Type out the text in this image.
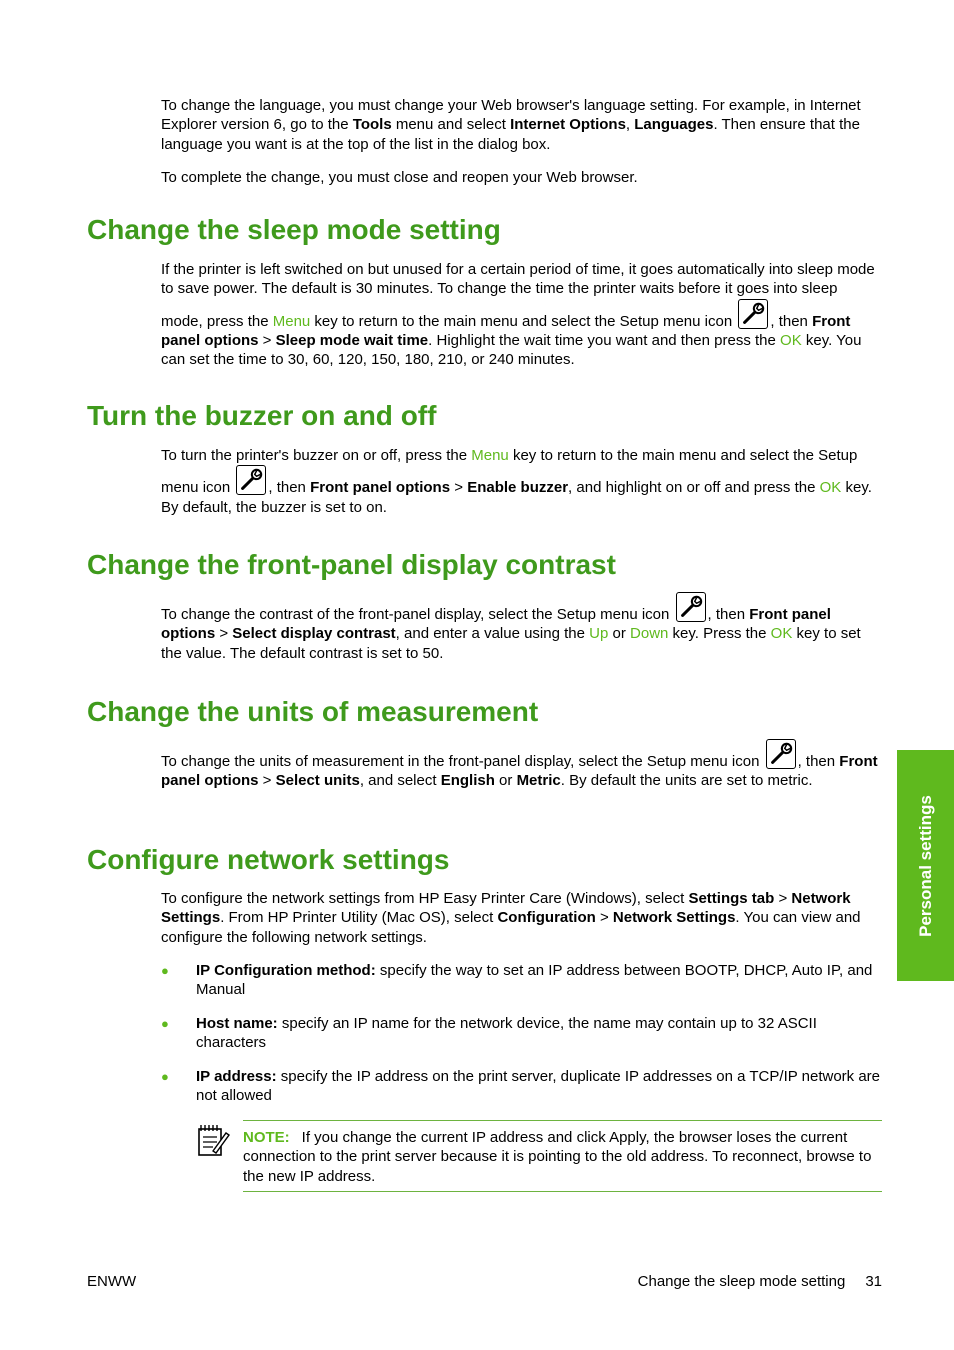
To change the language, you must change your Web browser's language setting. For example, in Internet Explorer version 6, go to the Tools menu and select Internet Options, Languages. Then ensure that the language you want is at the top of the list in the dialog box.

To complete the change, you must close and reopen your Web browser.

Change the sleep mode setting

If the printer is left switched on but unused for a certain period of time, it goes automatically into sleep mode to save power. The default is 30 minutes. To change the time the printer waits before it goes into sleep mode, press the Menu key to return to the main menu and select the Setup menu icon
, then Front panel options > Sleep mode wait time. Highlight the wait time you want and then press the OK key. You can set the time to 30, 60, 120, 150, 180, 210, or 240 minutes.

Turn the buzzer on and off

To turn the printer's buzzer on or off, press the Menu key to return to the main menu and select the Setup menu icon
, then Front panel options > Enable buzzer, and highlight on or off and press the OK key. By default, the buzzer is set to on.

Change the front-panel display contrast

To change the contrast of the front-panel display, select the Setup menu icon
, then Front panel options > Select display contrast, and enter a value using the Up or Down key. Press the OK key to set the value. The default contrast is set to 50.

Change the units of measurement

To change the units of measurement in the front-panel display, select the Setup menu icon
, then Front panel options > Select units, and select English or Metric. By default the units are set to metric.

Configure network settings

To configure the network settings from HP Easy Printer Care (Windows), select Settings tab > Network Settings. From HP Printer Utility (Mac OS), select Configuration > Network Settings. You can view and configure the following network settings.

● IP Configuration method: specify the way to set an IP address between BOOTP, DHCP, Auto IP, and Manual
● Host name: specify an IP name for the network device, the name may contain up to 32 ASCII characters
● IP address: specify the IP address on the print server, duplicate IP addresses on a TCP/IP network are not allowed
NOTE: If you change the current IP address and click Apply, the browser loses the current connection to the print server because it is pointing to the old address. To reconnect, browse to the new IP address.
Personal settings
ENWW	Change the sleep mode setting 31
